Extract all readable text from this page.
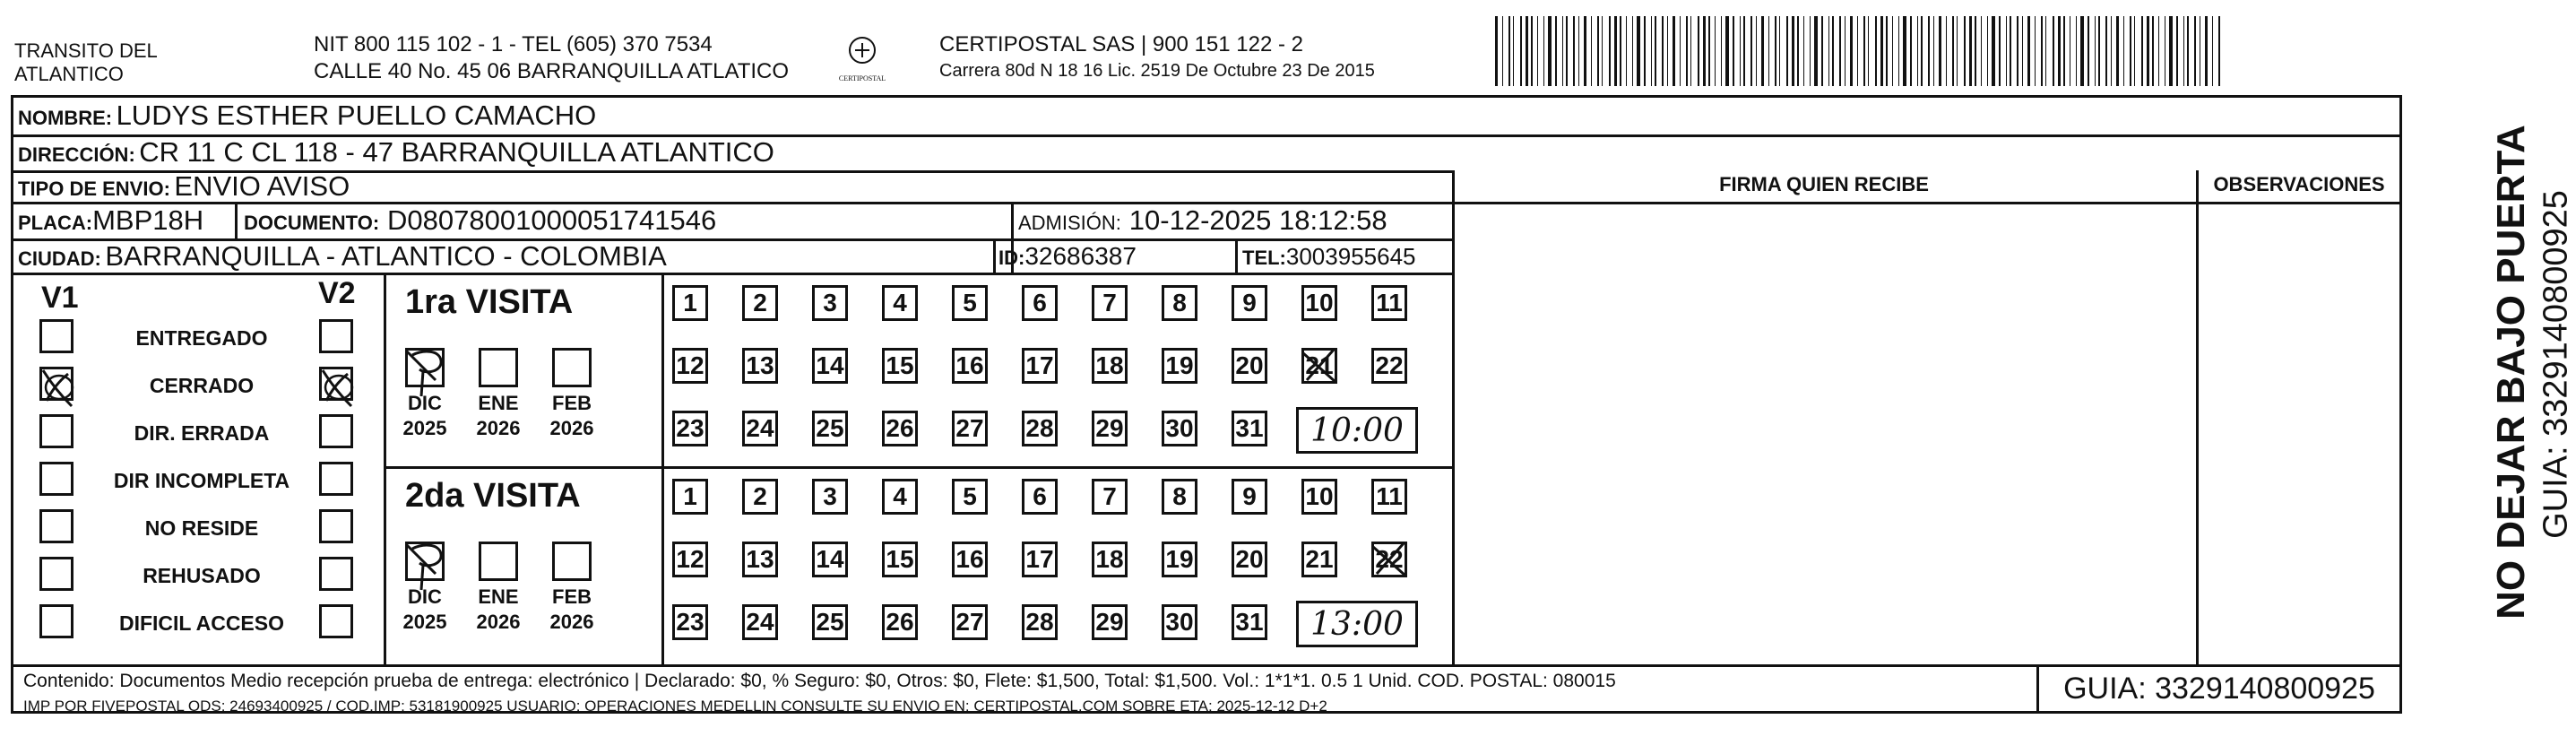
TRANSITO DEL ATLANTICO
NIT 800 115 102 - 1 - TEL (605) 370 7534
CALLE 40 No. 45 06 BARRANQUILLA ATLATICO	CERTIPOSTAL
CERTIPOSTAL SAS | 900 151 122 - 2
Carrera 80d N 18 16 Lic. 2519 De Octubre 23 De 2015
NOMBRE: LUDYS ESTHER PUELLO CAMACHO
DIRECCIÓN: CR 11 C CL 118 - 47 BARRANQUILLA ATLANTICO
TIPO DE ENVIO: ENVIO AVISO
PLACA:MBP18H DOCUMENTO: D080780010000517415​46	ADMISIÓN: 10-12-2025 18:12:58
CIUDAD: BARRANQUILLA - ATLANTICO - COLOMBIA	ID:32686387	TEL:3003955645
FIRMA QUIEN RECIBE	OBSERVACIONES
V1	V2
ENTREGADO
CERRADO
DIR. ERRADA
DIR INCOMPLETA
NO RESIDE
REHUSADO
DIFICIL ACCESO
1ra VISITA
DIC
2025
ENE
2026
FEB
2026
1	2	3	4	5	6	7	8	9	10 11
12 13 14 15 16 17 18 19 20 21 22
23 24 25 26 27 28 29 30 31	10:00
2da VISITA
DIC
2025
ENE
2026
FEB
2026
1	2	3	4	5	6	7	8	9	10 11
12 13 14 15 16 17 18 19 20 21 22
23 24 25 26 27 28 29 30 31	13:00
Contenido: Documentos Medio recepción prueba de entrega: electrónico | Declarado: $0, % Seguro: $0, Otros: $0, Flete: $1,500, Total: $1,500. Vol.: 1*1*1. 0.5 1 Unid. COD. POSTAL: 080015
IMP POR FIVEPOSTAL ODS: 24693400925 / COD.IMP: 53181900925 USUARIO: OPERACIONES MEDELLIN CONSULTE SU ENVIO EN: CERTIPOSTAL.COM SOBRE ETA: 2025-12-12 D+2
GUIA: 3329140800925
NO DEJAR BAJO PUERTA GUIA: 3329140800925
